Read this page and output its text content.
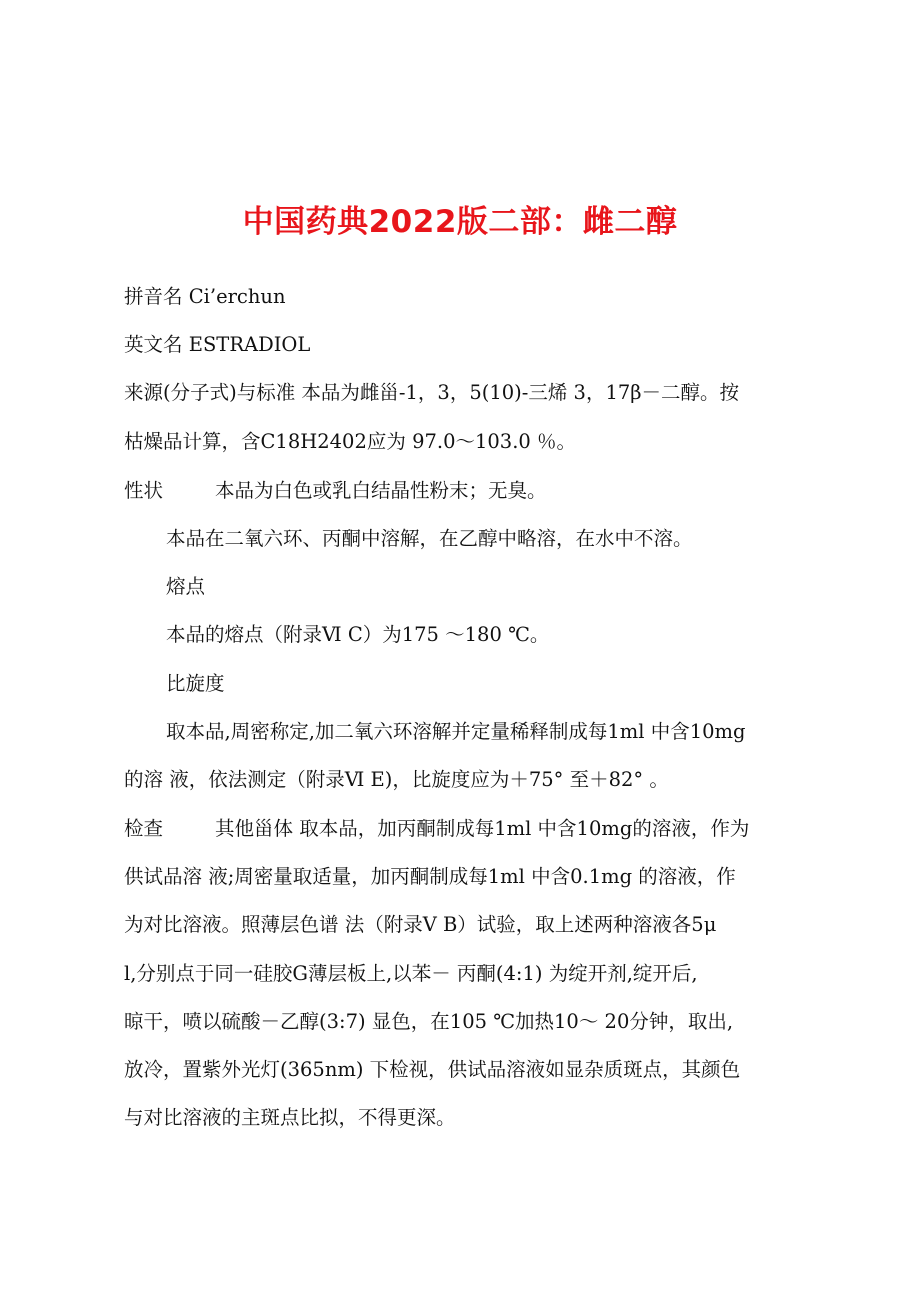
中国药典2022版二部：雌二醇
拼音名 Ci’erchun
英文名 ESTRADIOL
来源(分子式)与标准 本品为雌甾-1，3，5(10)-三烯 3，17β－二醇。按
枯燥品计算，含C18H2402应为 97.0～103.0 ％。
性状	本品为白色或乳白结晶性粉末；无臭。
本品在二氧六环、丙酮中溶解，在乙醇中略溶，在水中不溶。
熔点
本品的熔点（附录Ⅵ C）为175 ～180 ℃。
比旋度
取本品,周密称定,加二氧六环溶解并定量稀释制成每1ml 中含10mg
的溶 液，依法测定（附录Ⅵ E)，比旋度应为＋75° 至＋82° 。
检查	其他甾体 取本品，加丙酮制成每1ml 中含10mg的溶液，作为
供试品溶 液;周密量取适量，加丙酮制成每1ml 中含0.1mg 的溶液，作
为对比溶液。照薄层色谱 法（附录Ⅴ B）试验，取上述两种溶液各5μ
l,分别点于同一硅胶G薄层板上,以苯－ 丙酮(4:1) 为绽开剂,绽开后,
晾干，喷以硫酸－乙醇(3:7) 显色，在105 ℃加热10～ 20分钟，取出,
放冷，置紫外光灯(365nm) 下检视，供试品溶液如显杂质斑点，其颜色
与对比溶液的主斑点比拟，不得更深。
